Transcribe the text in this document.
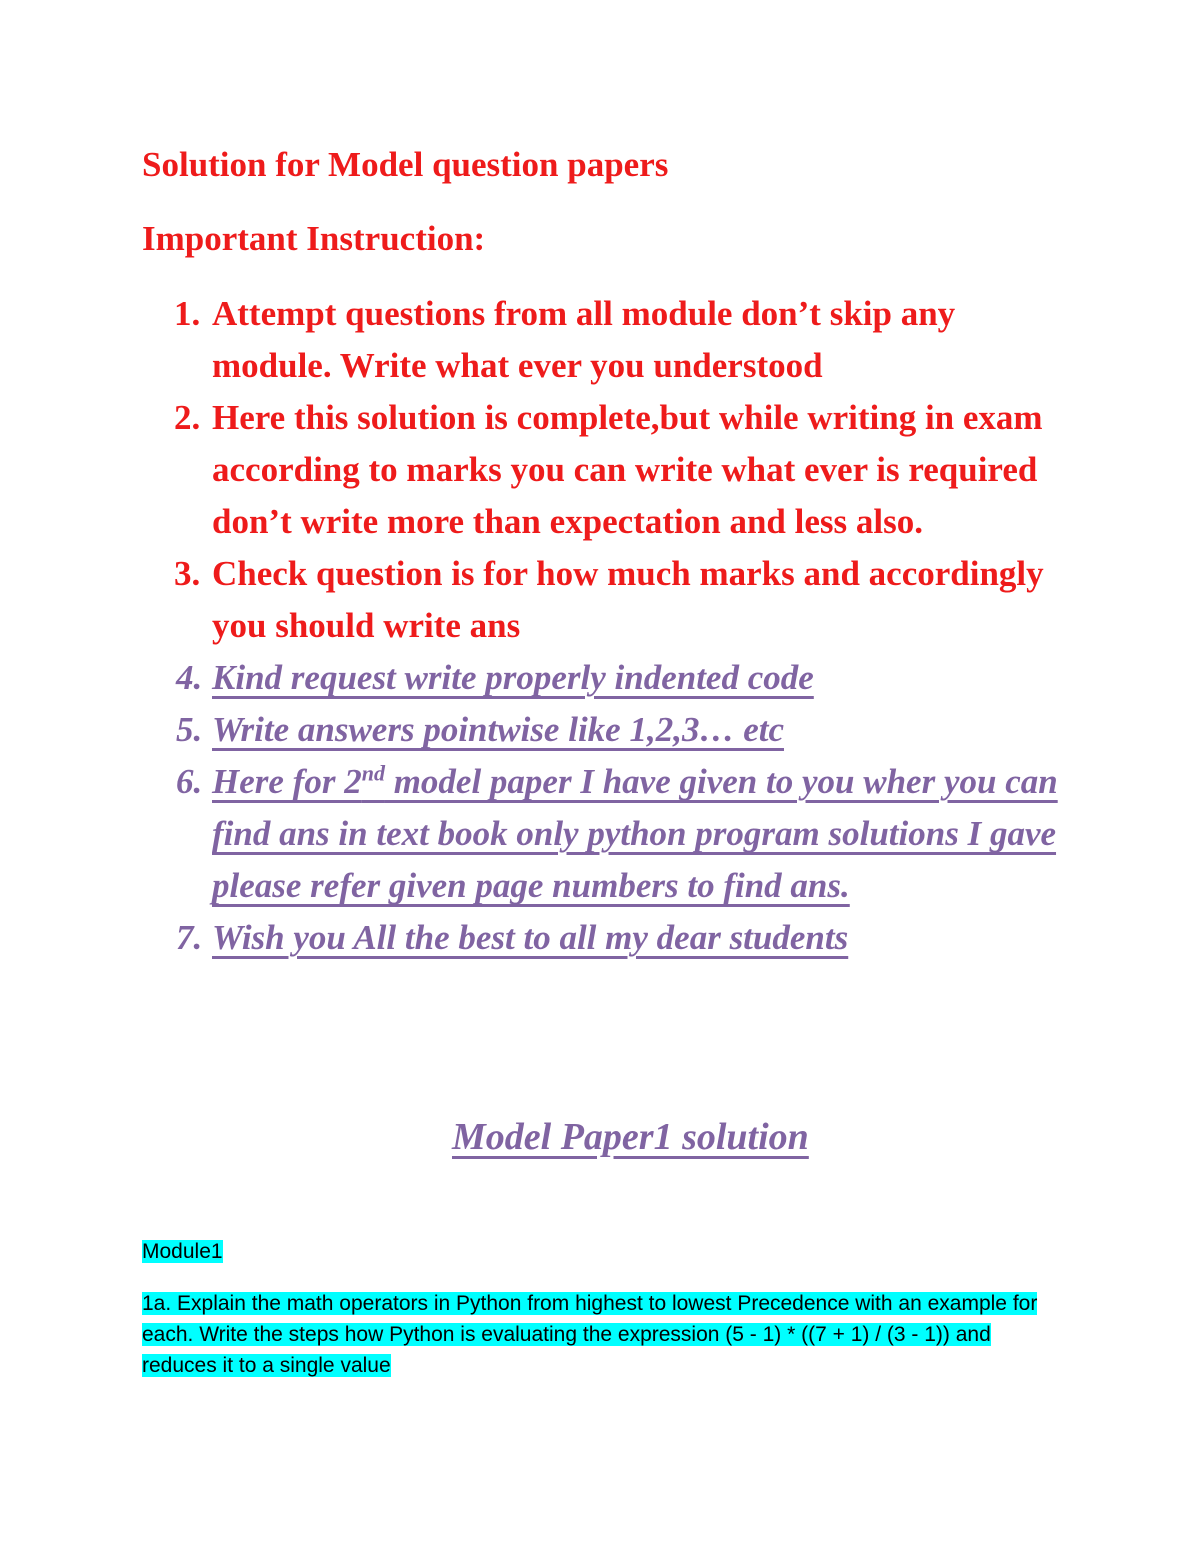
Solution for Model question papers
Important Instruction:
1. Attempt questions from all module don’t skip any module. Write what ever you understood
2. Here this solution is complete,but while writing in exam according to marks you can write what ever is required don’t write more than expectation and less also.
3. Check question is for how much marks and accordingly you should write ans
4. Kind request write properly indented code
5. Write answers pointwise like 1,2,3… etc
6. Here for 2nd model paper I have given to you wher you can find ans in text book only python program solutions I gave please refer given page numbers to find ans.
7. Wish you All the best to all my dear students
Model Paper1 solution
Module1

1a. Explain the math operators in Python from highest to lowest Precedence with an example for each. Write the steps how Python is evaluating the expression (5 - 1) * ((7 + 1) / (3 - 1)) and reduces it to a single value
